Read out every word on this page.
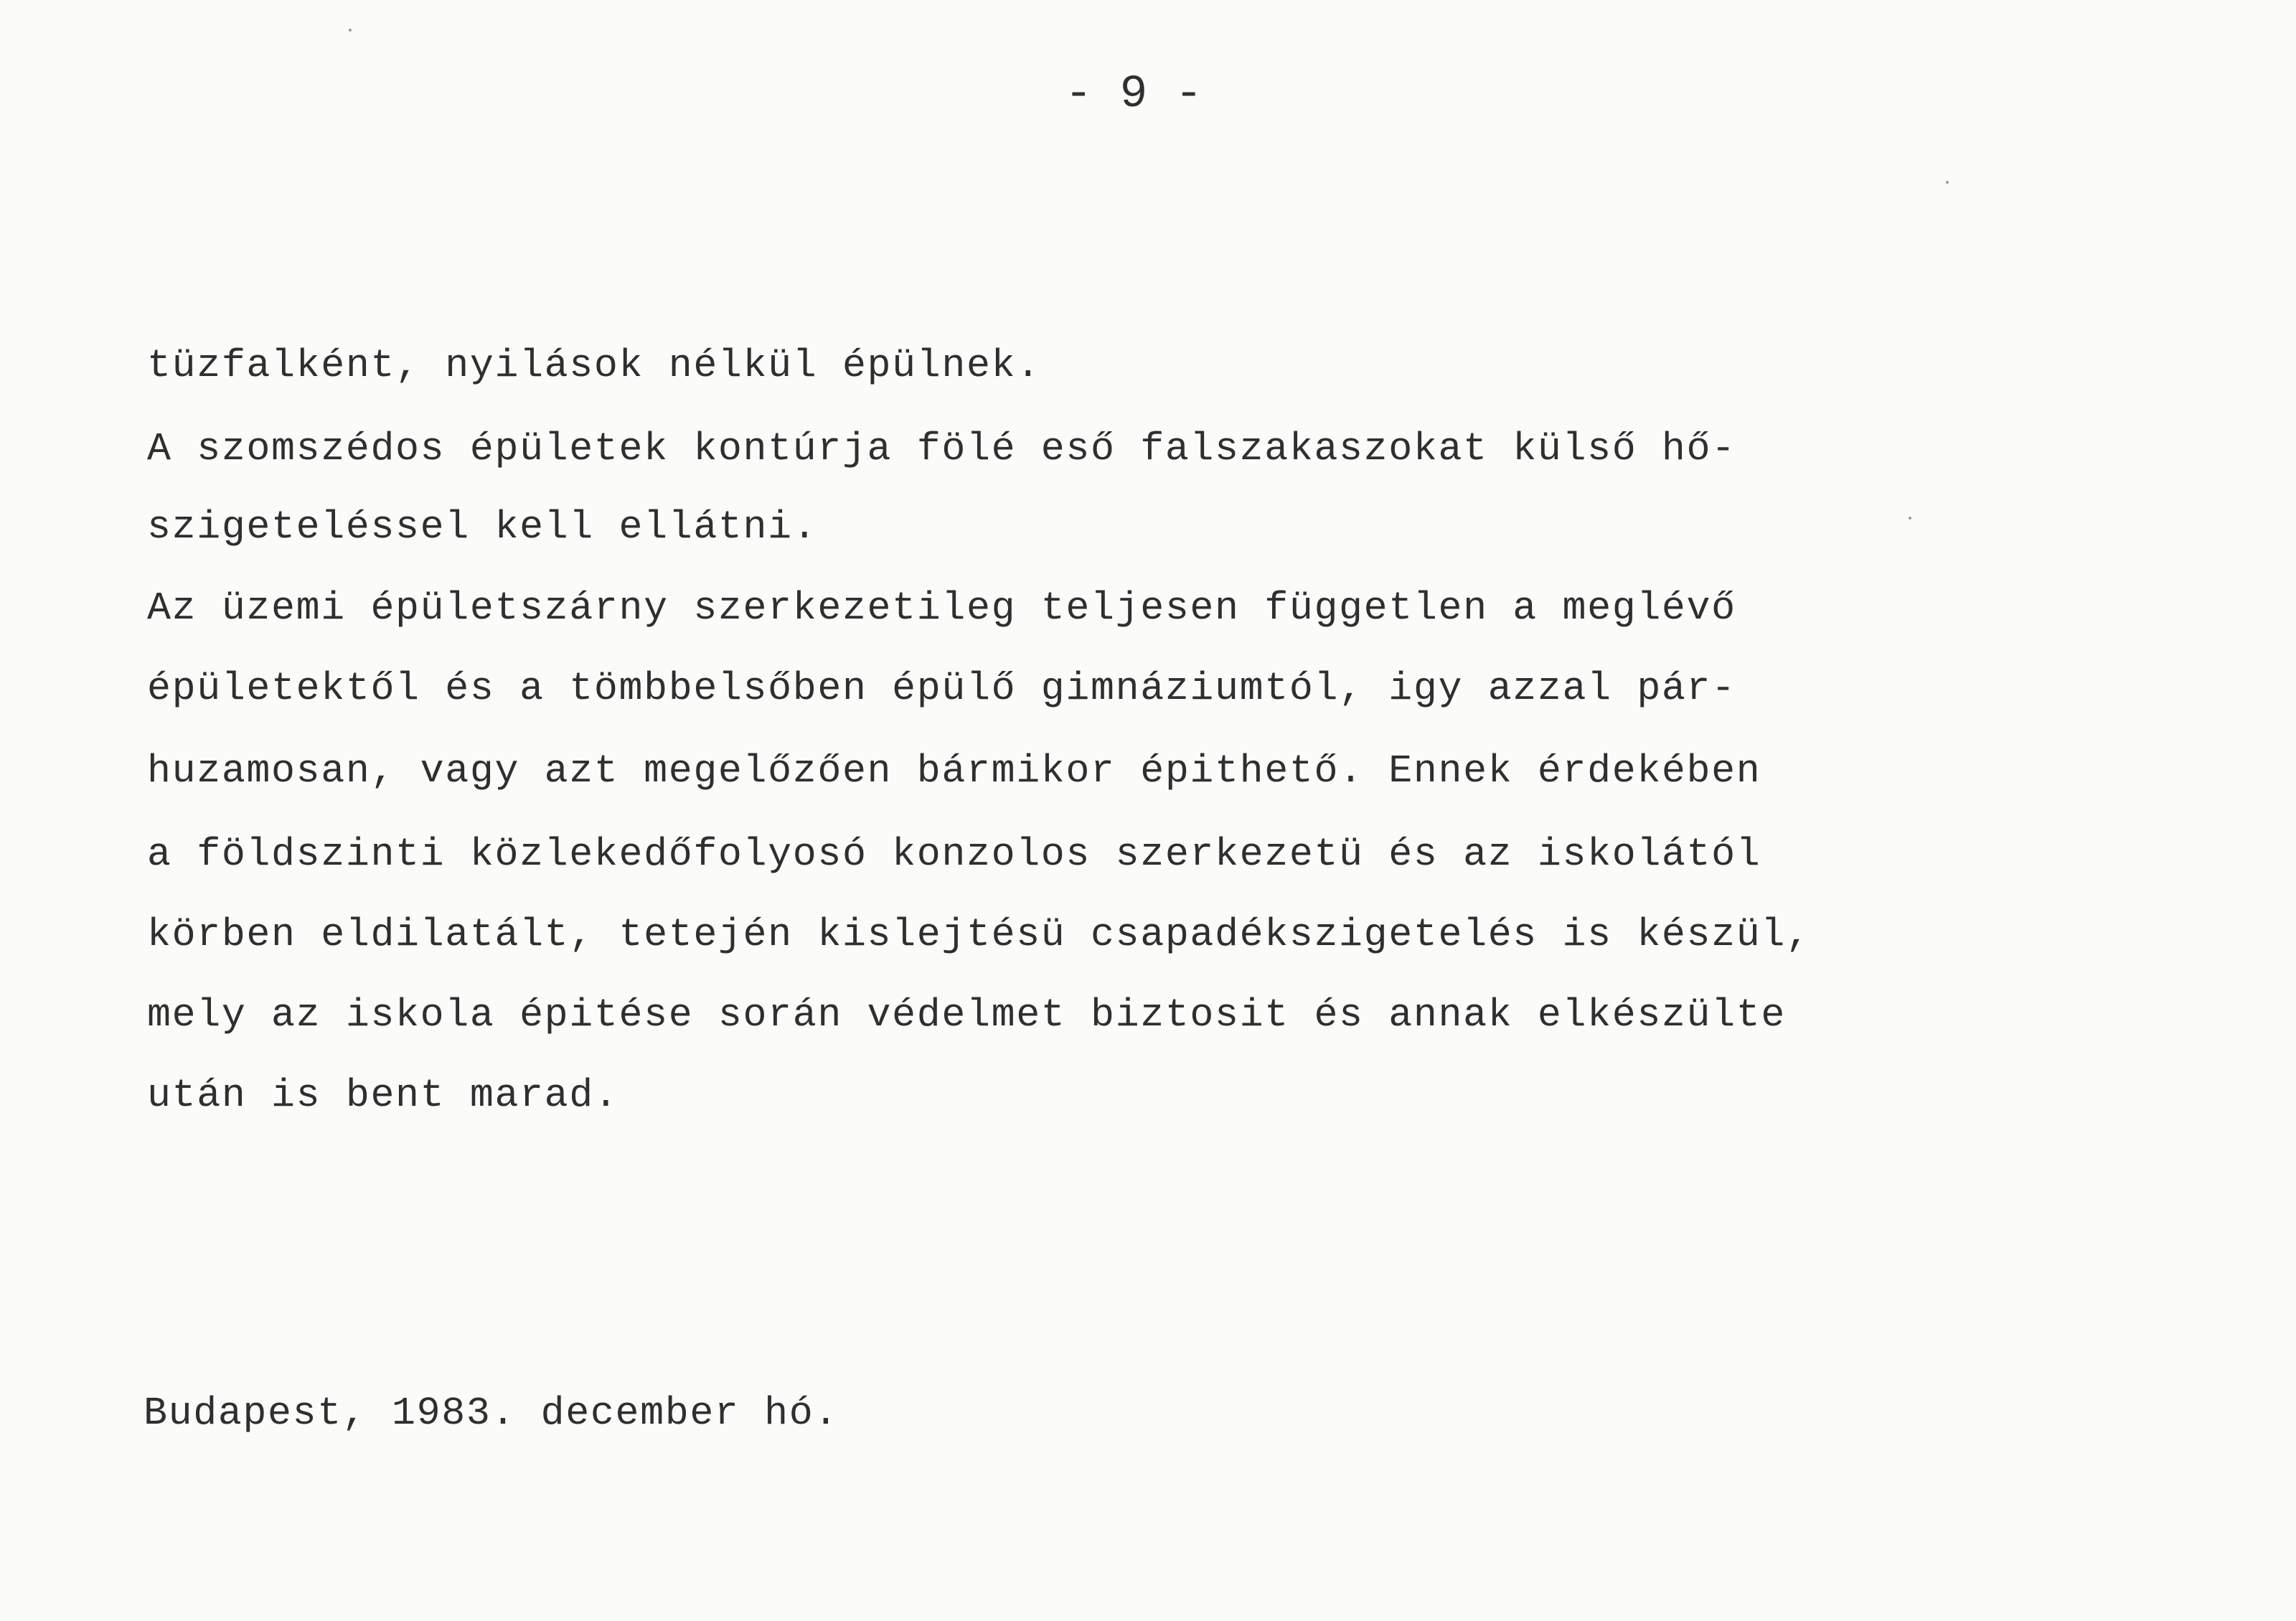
- 9 -
tüzfalként, nyilások nélkül épülnek.
A szomszédos épületek kontúrja fölé eső falszakaszokat külső hő-
szigeteléssel kell ellátni.
Az üzemi épületszárny szerkezetileg teljesen független a meglévő
épületektől és a tömbbelsőben épülő gimnáziumtól, igy azzal pár-
huzamosan, vagy azt megelőzően bármikor épithető. Ennek érdekében
a földszinti közlekedőfolyosó konzolos szerkezetü és az iskolától
körben eldilatált, tetején kislejtésü csapadékszigetelés is készül,
mely az iskola épitése során védelmet biztosit és annak elkészülte
után is bent marad.
Budapest, 1983. december hó.
